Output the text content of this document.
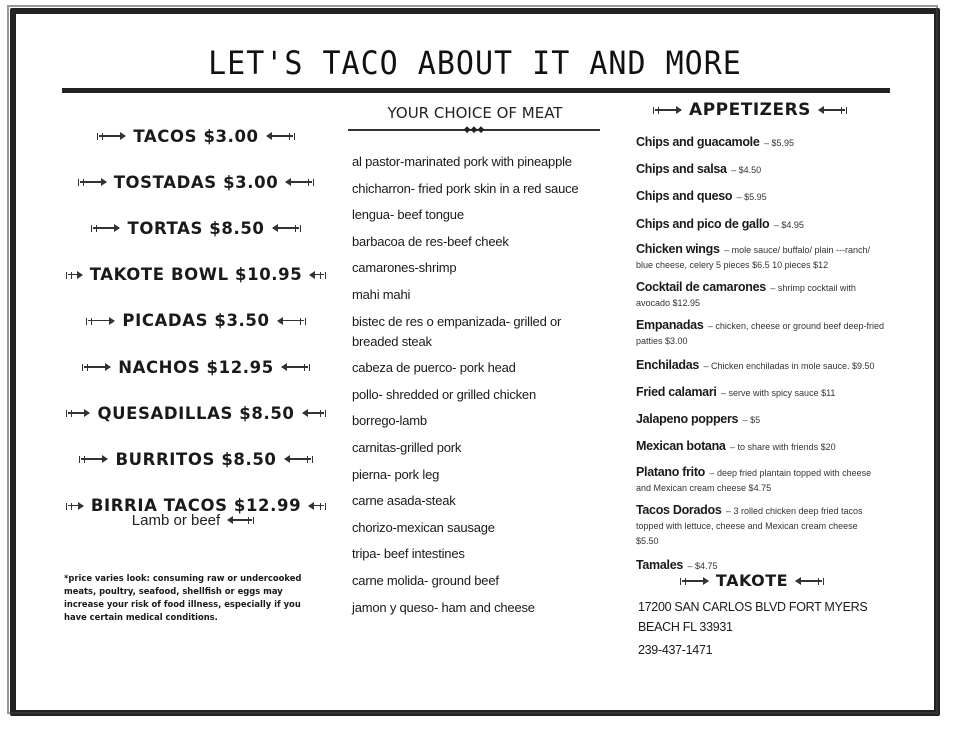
LET'S TACO ABOUT IT AND MORE
TACOS $3.00
TOSTADAS $3.00
TORTAS $8.50
TAKOTE BOWL $10.95
PICADAS $3.50
NACHOS $12.95
QUESADILLAS $8.50
BURRITOS $8.50
BIRRIA TACOS $12.99
Lamb or beef
*price varies look: consuming raw or undercooked meats, poultry, seafood, shellfish or eggs may increase your risk of food illness, especially if you have certain medical conditions.
YOUR CHOICE OF MEAT
◆◆◆
al pastor-marinated pork with pineapple
chicharron- fried pork skin in a red sauce
lengua- beef tongue
barbacoa de res-beef cheek
camarones-shrimp
mahi mahi
bistec de res o empanizada- grilled or breaded steak
cabeza de puerco- pork head
pollo- shredded or grilled chicken
borrego-lamb
carnitas-grilled pork
pierna- pork leg
carne asada-steak
chorizo-mexican sausage
tripa- beef intestines
carne molida- ground beef
jamon y queso- ham and cheese
APPETIZERS
Chips and guacamole – $5.95
Chips and salsa – $4.50
Chips and queso – $5.95
Chips and pico de gallo – $4.95
Chicken wings – mole sauce/ buffalo/ plain ---ranch/
blue cheese, celery 5 pieces $6.5 10 pieces $12
Cocktail de camarones – shrimp cocktail with
avocado $12.95
Empanadas – chicken, cheese or ground beef deep-fried
patties $3.00
Enchiladas – Chicken enchiladas in mole sauce. $9.50
Fried calamari – serve with spicy sauce $11
Jalapeno poppers – $5
Mexican botana – to share with friends $20
Platano frito – deep fried plantain topped with cheese
and Mexican cream cheese $4.75
Tacos Dorados – 3 rolled chicken deep fried tacos
topped with lettuce, cheese and Mexican cream cheese
$5.50
Tamales – $4.75
TAKOTE
17200 SAN CARLOS BLVD FORT MYERS BEACH FL 33931
239-437-1471
